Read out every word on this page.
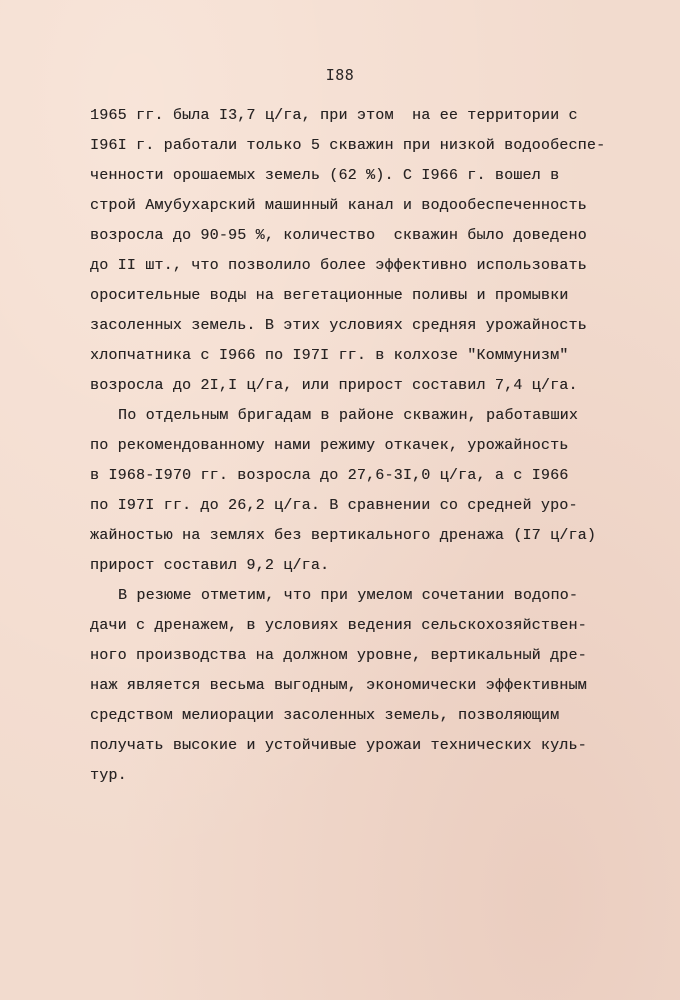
I88
1965 гг. была I3,7 ц/га, при этом  на ее территории с
I96I г. работали только 5 скважин при низкой водообеспе-
ченности орошаемых земель (62 %). С I966 г. вошел в
строй Амубухарский машинный канал и водообеспеченность
возросла до 90-95 %, количество  скважин было доведено
до II шт., что позволило более эффективно использовать
оросительные воды на вегетационные поливы и промывки
засоленных земель. В этих условиях средняя урожайность
хлопчатника с I966 по I97I гг. в колхозе "Коммунизм"
возросла до 2I,I ц/га, или прирост составил 7,4 ц/га.
По отдельным бригадам в районе скважин, работавших
по рекомендованному нами режиму откачек, урожайность
в I968-I970 гг. возросла до 27,6-3I,0 ц/га, а с I966
по I97I гг. до 26,2 ц/га. В сравнении со средней уро-
жайностью на землях без вертикального дренажа (I7 ц/га)
прирост составил 9,2 ц/га.
В резюме отметим, что при умелом сочетании водопо-
дачи с дренажем, в условиях ведения сельскохозяйствен-
ного производства на должном уровне, вертикальный дре-
наж является весьма выгодным, экономически эффективным
средством мелиорации засоленных земель, позволяющим
получать высокие и устойчивые урожаи технических куль-
тур.
